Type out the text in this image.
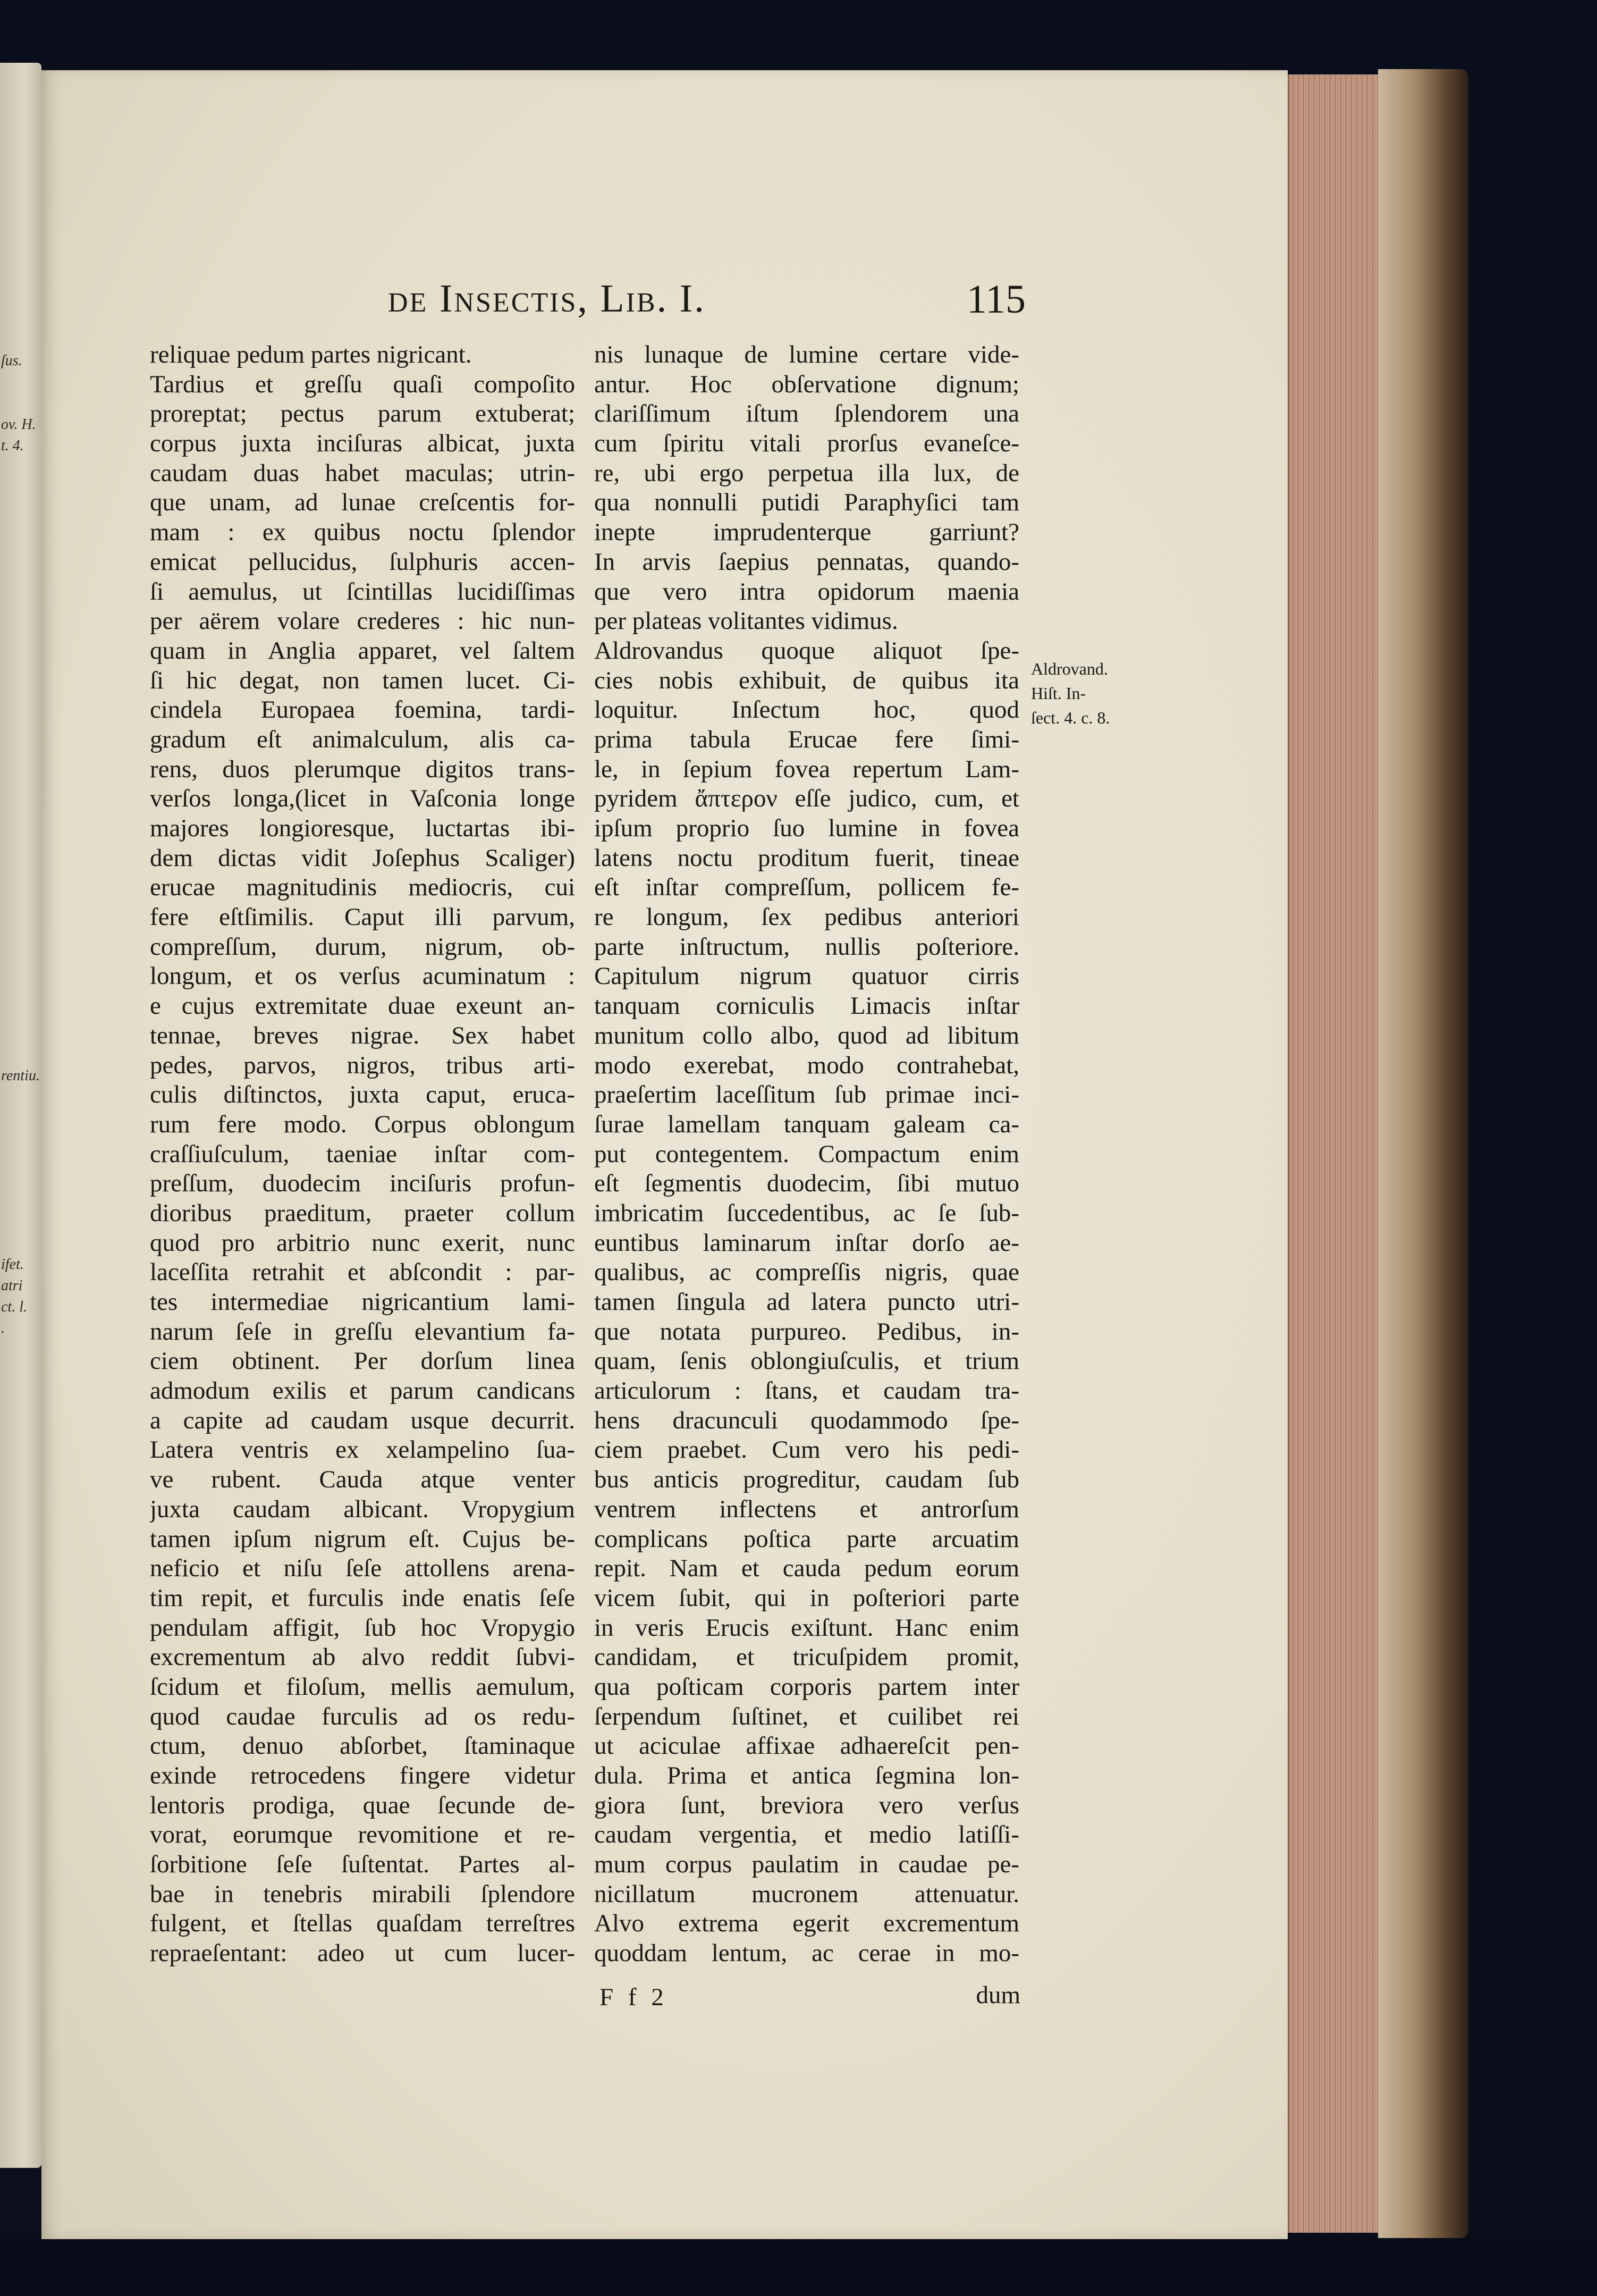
ſus.
ov. H.
t. 4.
rentiu.
ifet.
atri
ct. l.
.
de Insectis, Lib. I.	115
reliquae pedum partes nigricant.
Tardius et greſſu quaſi compoſito
proreptat; pectus parum extuberat;
corpus juxta inciſuras albicat, juxta
caudam duas habet maculas; utrin-
que unam, ad lunae creſcentis for-
mam : ex quibus noctu ſplendor
emicat pellucidus, ſulphuris accen-
ſi aemulus, ut ſcintillas lucidiſſimas
per aërem volare crederes : hic nun-
quam in Anglia apparet, vel ſaltem
ſi hic degat, non tamen lucet. Ci-
cindela Europaea foemina, tardi-
gradum eſt animalculum, alis ca-
rens, duos plerumque digitos trans-
verſos longa,(licet in Vaſconia longe
majores longioresque, luctartas ibi-
dem dictas vidit Joſephus Scaliger)
erucae magnitudinis mediocris, cui
fere eſtſimilis. Caput illi parvum,
compreſſum, durum, nigrum, ob-
longum, et os verſus acuminatum :
e cujus extremitate duae exeunt an-
tennae, breves nigrae. Sex habet
pedes, parvos, nigros, tribus arti-
culis diſtinctos, juxta caput, eruca-
rum fere modo. Corpus oblongum
craſſiuſculum, taeniae inſtar com-
preſſum, duodecim inciſuris profun-
dioribus praeditum, praeter collum
quod pro arbitrio nunc exerit, nunc
laceſſita retrahit et abſcondit : par-
tes intermediae nigricantium lami-
narum ſeſe in greſſu elevantium fa-
ciem obtinent. Per dorſum linea
admodum exilis et parum candicans
a capite ad caudam usque decurrit.
Latera ventris ex xelampelino ſua-
ve rubent. Cauda atque venter
juxta caudam albicant. Vropygium
tamen ipſum nigrum eſt. Cujus be-
neficio et niſu ſeſe attollens arena-
tim repit, et furculis inde enatis ſeſe
pendulam affigit, ſub hoc Vropygio
excrementum ab alvo reddit ſubvi-
ſcidum et filoſum, mellis aemulum,
quod caudae furculis ad os redu-
ctum, denuo abſorbet, ſtaminaque
exinde retrocedens fingere videtur
lentoris prodiga, quae ſecunde de-
vorat, eorumque revomitione et re-
ſorbitione ſeſe ſuſtentat. Partes al-
bae in tenebris mirabili ſplendore
fulgent, et ſtellas quaſdam terreſtres
repraeſentant: adeo ut cum lucer-
nis lunaque de lumine certare vide-
antur. Hoc obſervatione dignum;
clariſſimum iſtum ſplendorem una
cum ſpiritu vitali prorſus evaneſce-
re, ubi ergo perpetua illa lux, de
qua nonnulli putidi Paraphyſici tam
inepte imprudenterque garriunt?
In arvis ſaepius pennatas, quando-
que vero intra opidorum maenia
per plateas volitantes vidimus.
Aldrovandus quoque aliquot ſpe-
cies nobis exhibuit, de quibus ita
loquitur. Inſectum hoc, quod
prima tabula Erucae fere ſimi-
le, in ſepium fovea repertum Lam-
pyridem ἄπτερον eſſe judico, cum, et
ipſum proprio ſuo lumine in fovea
latens noctu proditum fuerit, tineae
eſt inſtar compreſſum, pollicem fe-
re longum, ſex pedibus anteriori
parte inſtructum, nullis poſteriore.
Capitulum nigrum quatuor cirris
tanquam corniculis Limacis inſtar
munitum collo albo, quod ad libitum
modo exerebat, modo contrahebat,
praeſertim laceſſitum ſub primae inci-
ſurae lamellam tanquam galeam ca-
put contegentem. Compactum enim
eſt ſegmentis duodecim, ſibi mutuo
imbricatim ſuccedentibus, ac ſe ſub-
euntibus laminarum inſtar dorſo ae-
qualibus, ac compreſſis nigris, quae
tamen ſingula ad latera puncto utri-
que notata purpureo. Pedibus, in-
quam, ſenis oblongiuſculis, et trium
articulorum : ſtans, et caudam tra-
hens dracunculi quodammodo ſpe-
ciem praebet. Cum vero his pedi-
bus anticis progreditur, caudam ſub
ventrem inflectens et antrorſum
complicans poſtica parte arcuatim
repit. Nam et cauda pedum eorum
vicem ſubit, qui in poſteriori parte
in veris Erucis exiſtunt. Hanc enim
candidam, et tricuſpidem promit,
qua poſticam corporis partem inter
ſerpendum ſuſtinet, et cuilibet rei
ut aciculae affixae adhaereſcit pen-
dula. Prima et antica ſegmina lon-
giora ſunt, breviora vero verſus
caudam vergentia, et medio latiſſi-
mum corpus paulatim in caudae pe-
nicillatum mucronem attenuatur.
Alvo extrema egerit excrementum
quoddam lentum, ac cerae in mo-
Aldrovand.
Hiſt. In-
ſect. 4. c. 8.
F f 2	dum
